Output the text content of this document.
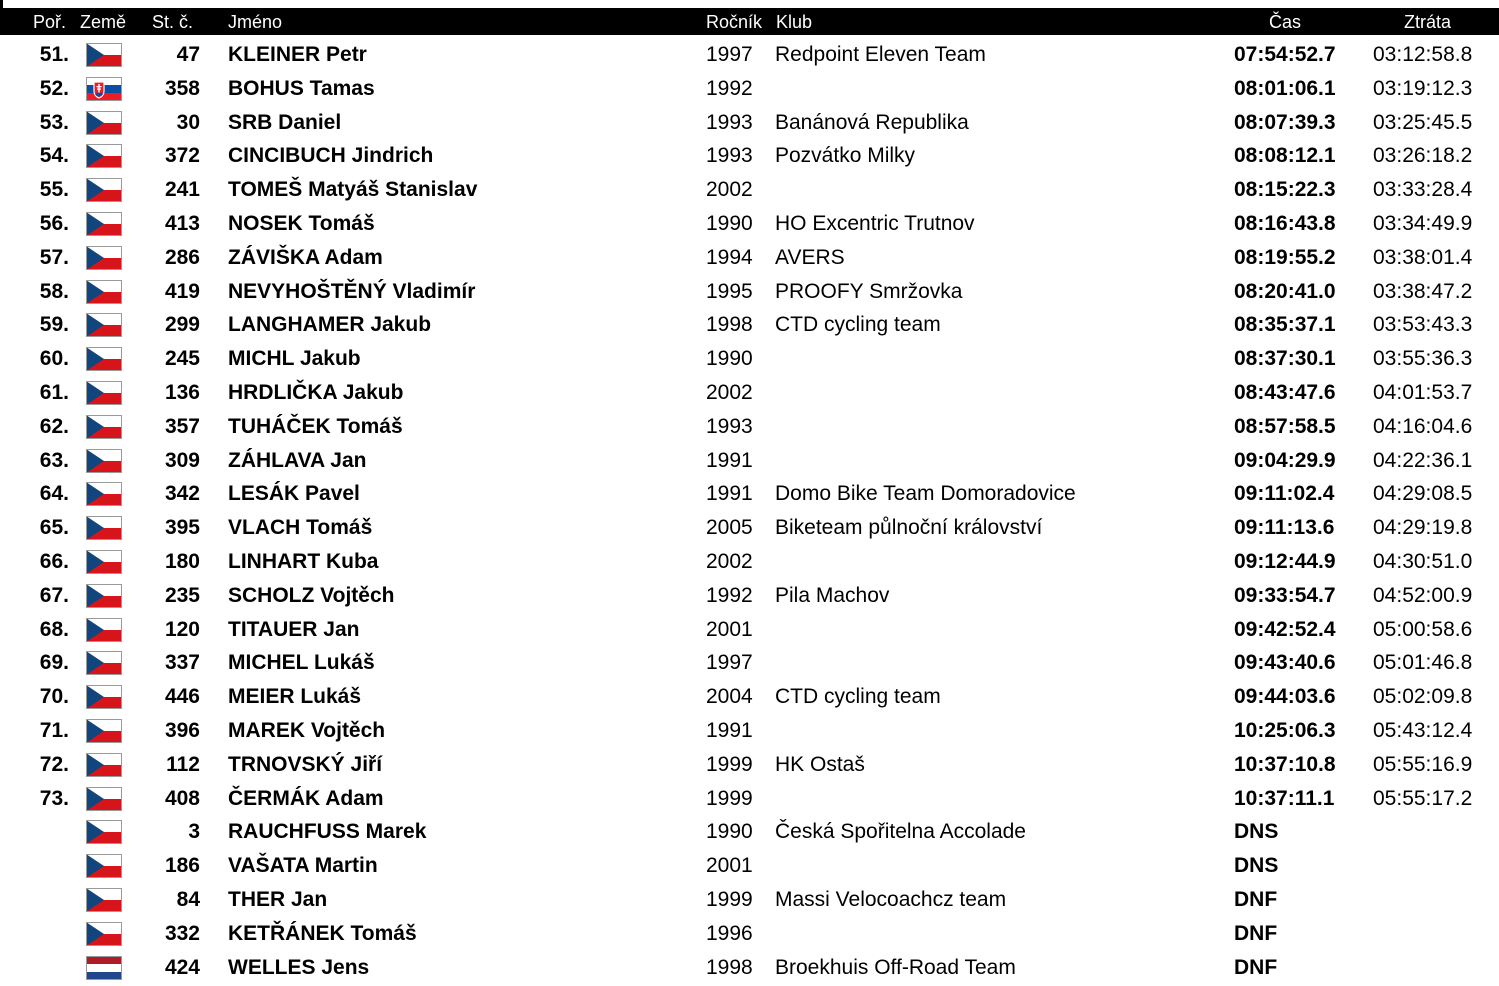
Poř. Země St. č. Jméno	Ročník Klub	Čas	Ztráta
51.	47 KLEINER Petr	1997 Redpoint Eleven Team	07:54:52.7 03:12:58.8
52.	358 BOHUS Tamas	1992	08:01:06.1 03:19:12.3
53.	30 SRB Daniel	1993 Banánová Republika	08:07:39.3 03:25:45.5
54.	372 CINCIBUCH Jindrich	1993 Pozvátko Milky	08:08:12.1 03:26:18.2
55.	241 TOMEŠ Matyáš Stanislav	2002	08:15:22.3 03:33:28.4
56.	413 NOSEK Tomáš	1990 HO Excentric Trutnov	08:16:43.8 03:34:49.9
57.	286 ZÁVIŠKA Adam	1994 AVERS	08:19:55.2 03:38:01.4
58.	419 NEVYHOŠTĚNÝ Vladimír	1995 PROOFY Smržovka	08:20:41.0 03:38:47.2
59.	299 LANGHAMER Jakub	1998 CTD cycling team	08:35:37.1 03:53:43.3
60.	245 MICHL Jakub	1990	08:37:30.1 03:55:36.3
61.	136 HRDLIČKA Jakub	2002	08:43:47.6 04:01:53.7
62.	357 TUHÁČEK Tomáš	1993	08:57:58.5 04:16:04.6
63.	309 ZÁHLAVA Jan	1991	09:04:29.9 04:22:36.1
64.	342 LESÁK Pavel	1991 Domo Bike Team Domoradovice	09:11:02.4 04:29:08.5
65.	395 VLACH Tomáš	2005 Biketeam půlnoční království	09:11:13.6 04:29:19.8
66.	180 LINHART Kuba	2002	09:12:44.9 04:30:51.0
67.	235 SCHOLZ Vojtěch	1992 Pila Machov	09:33:54.7 04:52:00.9
68.	120 TITAUER Jan	2001	09:42:52.4 05:00:58.6
69.	337 MICHEL Lukáš	1997	09:43:40.6 05:01:46.8
70.	446 MEIER Lukáš	2004 CTD cycling team	09:44:03.6 05:02:09.8
71.	396 MAREK Vojtěch	1991	10:25:06.3 05:43:12.4
72.	112 TRNOVSKÝ Jiří	1999 HK Ostaš	10:37:10.8 05:55:16.9
73.	408 ČERMÁK Adam	1999	10:37:11.1 05:55:17.2
3 RAUCHFUSS Marek	1990 Česká Spořitelna Accolade	DNS
186 VAŠATA Martin	2001	DNS
84 THER Jan	1999 Massi Velocoachcz team	DNF
332 KETŘÁNEK Tomáš	1996	DNF
424 WELLES Jens	1998 Broekhuis Off-Road Team	DNF
